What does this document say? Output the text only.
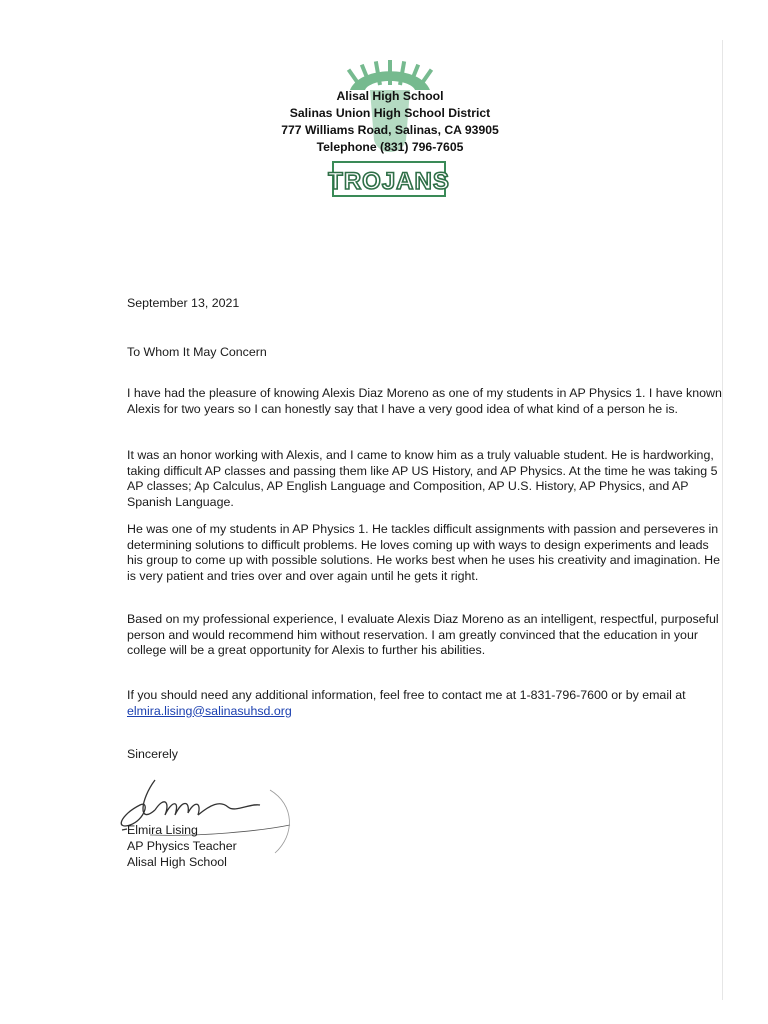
TROJANS
Alisal High School
Salinas Union High School District
777 Williams Road, Salinas, CA 93905
Telephone (831) 796-7605
September 13, 2021
To Whom It May Concern

I have had the pleasure of knowing Alexis Diaz Moreno as one of my students in AP Physics 1. I have known Alexis for two years so I can honestly say that I have a very good idea of what kind of a person he is.

It was an honor working with Alexis, and I came to know him as a truly valuable student. He is hardworking, taking difficult AP classes and passing them like AP US History, and AP Physics. At the time he was taking 5 AP classes; Ap Calculus, AP English Language and Composition, AP U.S. History, AP Physics, and AP Spanish Language.

He was one of my students in AP Physics 1. He tackles difficult assignments with passion and perseveres in determining solutions to difficult problems. He loves coming up with ways to design experiments and leads his group to come up with possible solutions. He works best when he uses his creativity and imagination. He is very patient and tries over and over again until he gets it right.

Based on my professional experience, I evaluate Alexis Diaz Moreno as an intelligent, respectful, purposeful person and would recommend him without reservation. I am greatly convinced that the education in your college will be a great opportunity for Alexis to further his abilities.

If you should need any additional information, feel free to contact me at 1-831-796-7600 or by email at elmira.lising@salinasuhsd.org
Sincerely
Elmira Lising
AP Physics Teacher
Alisal High School
